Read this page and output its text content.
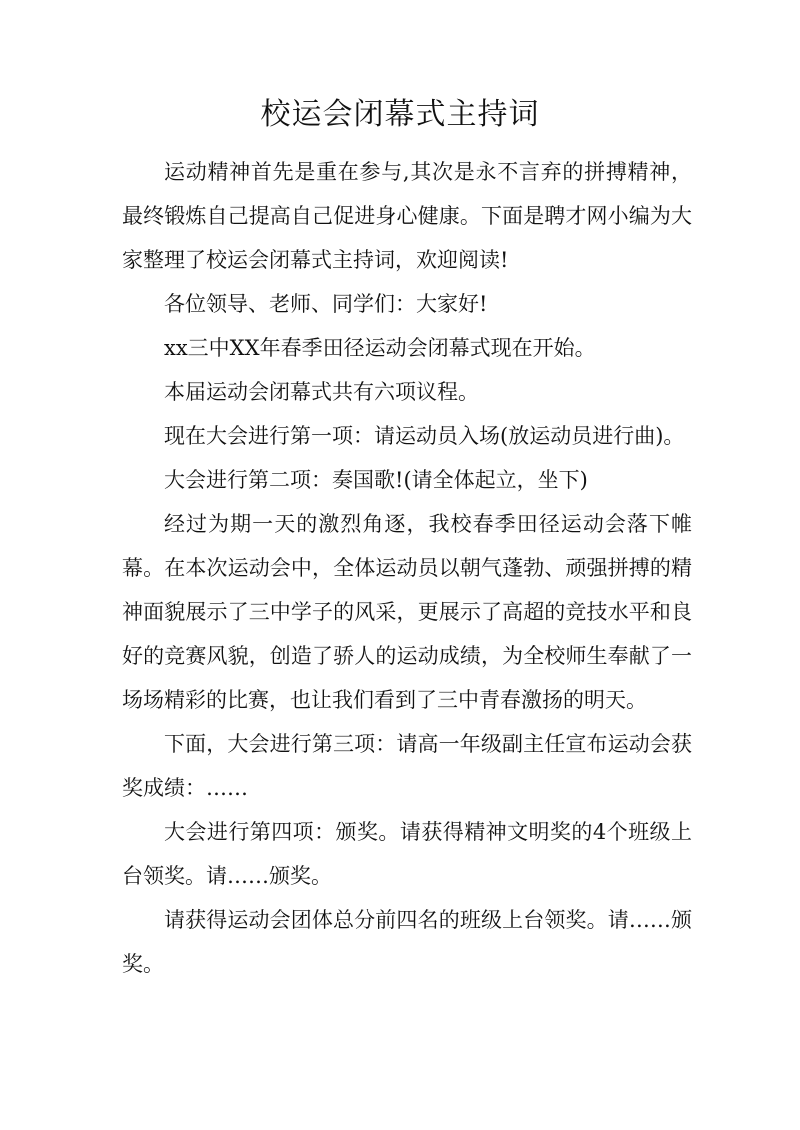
校运会闭幕式主持词

运动精神首先是重在参与,其次是永不言弃的拼搏精神，最终锻炼自己提高自己促进身心健康。下面是聘才网小编为大家整理了校运会闭幕式主持词，欢迎阅读!

各位领导、老师、同学们：大家好!

xx三中XX年春季田径运动会闭幕式现在开始。

本届运动会闭幕式共有六项议程。

现在大会进行第一项：请运动员入场(放运动员进行曲)。

大会进行第二项：奏国歌!(请全体起立，坐下)

经过为期一天的激烈角逐，我校春季田径运动会落下帷幕。在本次运动会中，全体运动员以朝气蓬勃、顽强拼搏的精神面貌展示了三中学子的风采，更展示了高超的竞技水平和良好的竞赛风貌，创造了骄人的运动成绩，为全校师生奉献了一场场精彩的比赛，也让我们看到了三中青春激扬的明天。

下面，大会进行第三项：请高一年级副主任宣布运动会获奖成绩：……

大会进行第四项：颁奖。请获得精神文明奖的4个班级上台领奖。请……颁奖。

请获得运动会团体总分前四名的班级上台领奖。请……颁奖。
